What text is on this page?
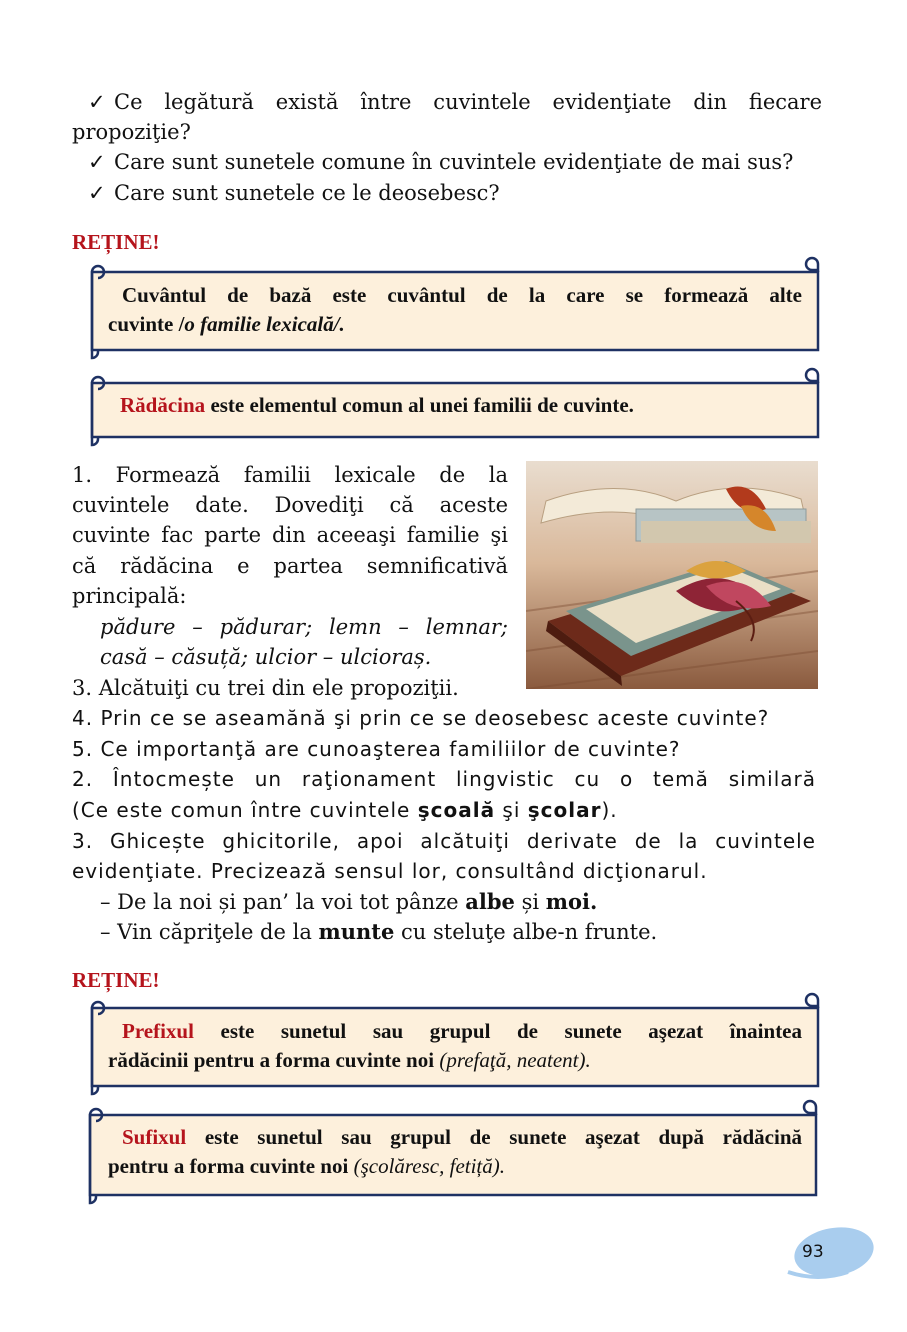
✓ Ce legătură există între cuvintele evidenţiate din fiecare
propoziţie?
✓ Care sunt sunetele comune în cuvintele evidenţiate de mai sus?
✓ Care sunt sunetele ce le deosebesc?
REȚINE!
Cuvântul de bază este cuvântul de la care se formează alte
cuvinte /o familie lexicală/.
Rădăcina este elementul comun al unei familii de cuvinte.
1. Formează familii lexicale de la
cuvintele date. Dovediţi că aceste
cuvinte fac parte din aceeaşi familie şi
că rădăcina e partea semnificativă
principală:
pădure – pădurar; lemn – lemnar;
casă – căsuță; ulcior – ulcioraș.
3. Alcătuiţi cu trei din ele propoziţii.
4. Prin ce se aseamănă şi prin ce se deosebesc aceste cuvinte?
5. Ce importanţă are cunoaşterea familiilor de cuvinte?
2. Întocmește un raţionament lingvistic cu o temă similară
(Ce este comun între cuvintele şcoală şi şcolar).
3. Ghicește ghicitorile, apoi alcătuiţi derivate de la cuvintele
evidenţiate. Precizează sensul lor, consultând dicţionarul.
– De la noi și pan’ la voi tot pânze albe și moi.
– Vin căpriţele de la munte cu steluţe albe-n frunte.
REȚINE!
Prefixul este sunetul sau grupul de sunete aşezat înaintea
rădăcinii pentru a forma cuvinte noi (prefaţă, neatent).
Sufixul este sunetul sau grupul de sunete aşezat după rădăcină
pentru a forma cuvinte noi (şcolăresc, fetiță).
93
